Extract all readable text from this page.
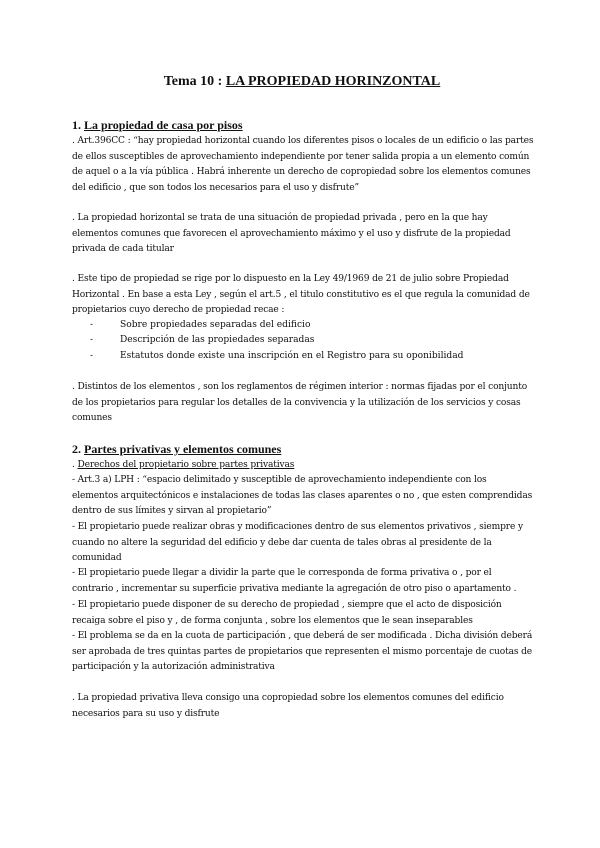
Tema 10 : LA PROPIEDAD HORINZONTAL
1. La propiedad de casa por pisos

. Art.396CC : “hay propiedad horizontal cuando los diferentes pisos o locales de un edificio o las partes de ellos susceptibles de aprovechamiento independiente por tener salida propia a un elemento común de aquel o a la vía pública . Habrá inherente un derecho de copropiedad sobre los elementos comunes del edificio , que son todos los necesarios para el uso y disfrute”

. La propiedad horizontal se trata de una situación de propiedad privada , pero en la que hay elementos comunes que favorecen el aprovechamiento máximo y el uso y disfrute de la propiedad privada de cada titular

. Este tipo de propiedad se rige por lo dispuesto en la Ley 49/1969 de 21 de julio sobre Propiedad Horizontal . En base a esta Ley , según el art.5 , el titulo constitutivo es el que regula la comunidad de propietarios cuyo derecho de propiedad recae :

-	Sobre propiedades separadas del edificio
-	Descripción de las propiedades separadas
-	Estatutos donde existe una inscripción en el Registro para su oponibilidad

. Distintos de los elementos , son los reglamentos de régimen interior : normas fijadas por el conjunto de los propietarios para regular los detalles de la convivencia y la utilización de los servicios y cosas comunes

2. Partes privativas y elementos comunes

. Derechos del propietario sobre partes privativas

- Art.3 a) LPH : “espacio delimitado y susceptible de aprovechamiento independiente con los elementos arquitectónicos e instalaciones de todas las clases aparentes o no , que esten comprendidas dentro de sus límites y sirvan al propietario”

- El propietario puede realizar obras y modificaciones dentro de sus elementos privativos , siempre y cuando no altere la seguridad del edificio y debe dar cuenta de tales obras al presidente de la comunidad

- El propietario puede llegar a dividir la parte que le corresponda de forma privativa o , por el contrario , incrementar su superficie privativa mediante la agregación de otro piso o apartamento .

- El propietario puede disponer de su derecho de propiedad , siempre que el acto de disposición recaiga sobre el piso y , de forma conjunta , sobre los elementos que le sean inseparables

- El problema se da en la cuota de participación , que deberá de ser modificada . Dicha división deberá ser aprobada de tres quintas partes de propietarios que representen el mismo porcentaje de cuotas de participación y la autorización administrativa

. La propiedad privativa lleva consigo una copropiedad sobre los elementos comunes del edificio necesarios para su uso y disfrute
